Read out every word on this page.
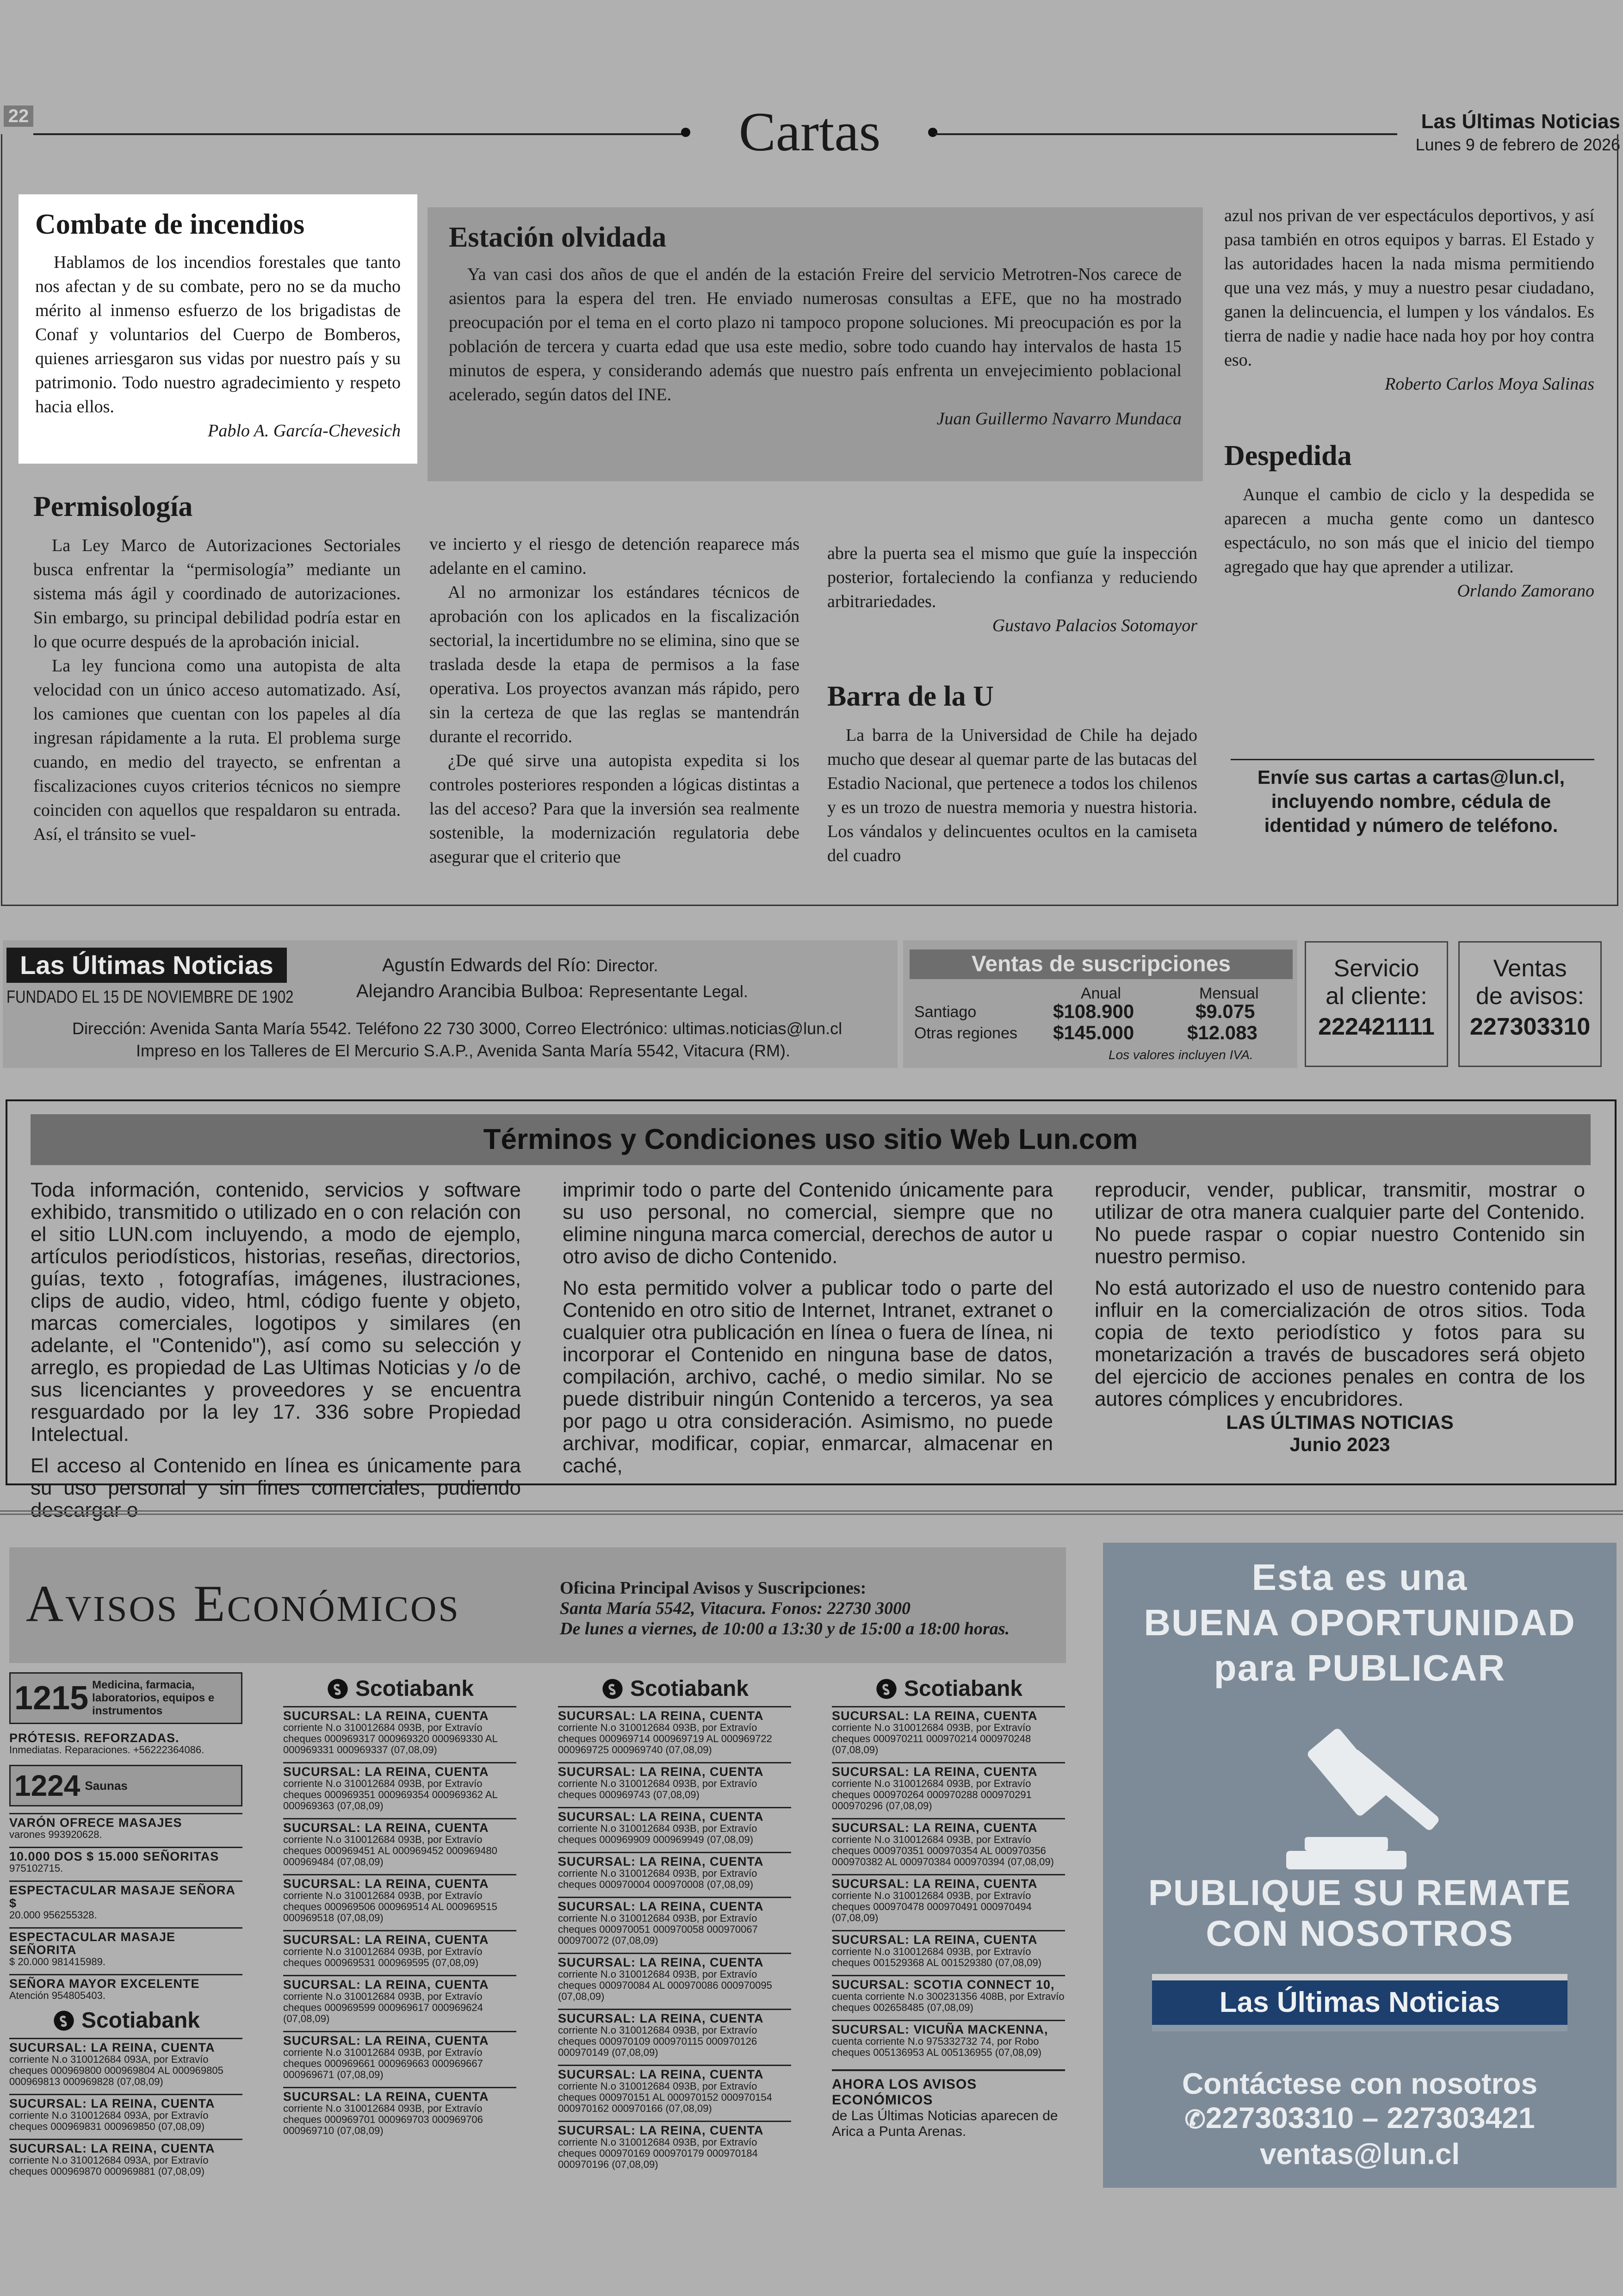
22	Cartas	Las Últimas Noticias
Lunes 9 de febrero de 2026
Combate de incendios

Hablamos de los incendios forestales que tanto nos afectan y de su combate, pero no se da mucho mérito al inmenso esfuerzo de los brigadistas de Conaf y voluntarios del Cuerpo de Bomberos, quienes arriesgaron sus vidas por nuestro país y su patrimonio. Todo nuestro agradecimiento y respeto hacia ellos.

Pablo A. García-Chevesich
Estación olvidada

Ya van casi dos años de que el andén de la estación Freire del servicio Metrotren-Nos carece de asientos para la espera del tren. He enviado numerosas consultas a EFE, que no ha mostrado preocupación por el tema en el corto plazo ni tampoco propone soluciones. Mi preocupación es por la población de tercera y cuarta edad que usa este medio, sobre todo cuando hay intervalos de hasta 15 minutos de espera, y considerando además que nuestro país enfrenta un envejecimiento poblacional acelerado, según datos del INE.

Juan Guillermo Navarro Mundaca

azul nos privan de ver espectáculos deportivos, y así pasa también en otros equipos y barras. El Estado y las autoridades hacen la nada misma permitiendo que una vez más, y muy a nuestro pesar ciudadano, ganen la delincuencia, el lumpen y los vándalos. Es tierra de nadie y nadie hace nada hoy por hoy contra eso.

Roberto Carlos Moya Salinas
Despedida

Aunque el cambio de ciclo y la despedida se aparecen a mucha gente como un dantesco espectáculo, no son más que el inicio del tiempo agregado que hay que aprender a utilizar.

Orlando Zamorano
Permisología

La Ley Marco de Autorizaciones Sectoriales busca enfrentar la “permisología” mediante un sistema más ágil y coordinado de autorizaciones. Sin embargo, su principal debilidad podría estar en lo que ocurre después de la aprobación inicial.

La ley funciona como una autopista de alta velocidad con un único acceso automatizado. Así, los camiones que cuentan con los papeles al día ingresan rápidamente a la ruta. El problema surge cuando, en medio del trayecto, se enfrentan a fiscalizaciones cuyos criterios técnicos no siempre coinciden con aquellos que respaldaron su entrada. Así, el tránsito se vuel-

ve incierto y el riesgo de detención reaparece más adelante en el camino.

Al no armonizar los estándares técnicos de aprobación con los aplicados en la fiscalización sectorial, la incertidumbre no se elimina, sino que se traslada desde la etapa de permisos a la fase operativa. Los proyectos avanzan más rápido, pero sin la certeza de que las reglas se mantendrán durante el recorrido.

¿De qué sirve una autopista expedita si los controles posteriores responden a lógicas distintas a las del acceso? Para que la inversión sea realmente sostenible, la modernización regulatoria debe asegurar que el criterio que

abre la puerta sea el mismo que guíe la inspección posterior, fortaleciendo la confianza y reduciendo arbitrariedades.

Gustavo Palacios Sotomayor
Barra de la U

La barra de la Universidad de Chile ha dejado mucho que desear al quemar parte de las butacas del Estadio Nacional, que pertenece a todos los chilenos y es un trozo de nuestra memoria y nuestra historia. Los vándalos y delincuentes ocultos en la camiseta del cuadro

Envíe sus cartas a cartas@lun.cl, incluyendo nombre, cédula de identidad y número de teléfono.
Las Últimas Noticias
FUNDADO EL 15 DE NOVIEMBRE DE 1902
Agustín Edwards del Río: Director.
Alejandro Arancibia Bulboa: Representante Legal.
Dirección: Avenida Santa María 5542. Teléfono 22 730 3000, Correo Electrónico: ultimas.noticias@lun.cl
Impreso en los Talleres de El Mercurio S.A.P., Avenida Santa María 5542, Vitacura (RM).
Ventas de suscripciones
Anual	Mensual
Santiago	$108.900	$9.075
Otras regiones $145.000	$12.083
Los valores incluyen IVA.
Servicio
al cliente:
222421111
Ventas
de avisos:
227303310
Términos y Condiciones uso sitio Web Lun.com

Toda información, contenido, servicios y software exhibido, transmitido o utilizado en o con relación con el sitio LUN.com incluyendo, a modo de ejemplo, artículos periodísticos, historias, reseñas, directorios, guías, texto , fotografías, imágenes, ilustraciones, clips de audio, video, html, código fuente y objeto, marcas comerciales, logotipos y similares (en adelante, el "Contenido"), así como su selección y arreglo, es propiedad de Las Ultimas Noticias y /o de sus licenciantes y proveedores y se encuentra resguardado por la ley 17. 336 sobre Propiedad Intelectual.

El acceso al Contenido en línea es únicamente para su uso personal y sin fines comerciales, pudiendo descargar o

imprimir todo o parte del Contenido únicamente para su uso personal, no comercial, siempre que no elimine ninguna marca comercial, derechos de autor u otro aviso de dicho Contenido.

No esta permitido volver a publicar todo o parte del Contenido en otro sitio de Internet, Intranet, extranet o cualquier otra publicación en línea o fuera de línea, ni incorporar el Contenido en ninguna base de datos, compilación, archivo, caché, o medio similar. No se puede distribuir ningún Contenido a terceros, ya sea por pago u otra consideración. Asimismo, no puede archivar, modificar, copiar, enmarcar, almacenar en caché,

reproducir, vender, publicar, transmitir, mostrar o utilizar de otra manera cualquier parte del Contenido. No puede raspar o copiar nuestro Contenido sin nuestro permiso.

No está autorizado el uso de nuestro contenido para influir en la comercialización de otros sitios. Toda copia de texto periodístico y fotos para su monetarización a través de buscadores será objeto del ejercicio de acciones penales en contra de los autores cómplices y encubridores.

LAS ÚLTIMAS NOTICIAS
Junio 2023
Avisos Económicos	Oficina Principal Avisos y Suscripciones:
Santa María 5542, Vitacura. Fonos: 22730 3000
De lunes a viernes, de 10:00 a 13:30 y de 15:00 a 18:00 horas.
1215 Medicina, farmacia, laboratorios, equipos e instrumentos
PRÓTESIS. REFORZADAS.
Inmediatas. Reparaciones. +56222364086.
1224 Saunas
VARÓN OFRECE MASAJES
varones 993920628.
10.000 DOS $ 15.000 SEÑORITAS
975102715.
ESPECTACULAR MASAJE SEÑORA $
20.000 956255328.
ESPECTACULAR MASAJE SEÑORITA
$ 20.000 981415989.
SEÑORA MAYOR EXCELENTE
Atención 954805403.
Scotiabank
SUCURSAL: LA REINA, CUENTA
corriente N.o 310012684 093A, por Extravío cheques 000969800 000969804 AL 000969805 000969813 000969828 (07,08,09)
SUCURSAL: LA REINA, CUENTA
corriente N.o 310012684 093A, por Extravío cheques 000969831 000969850 (07,08,09)
SUCURSAL: LA REINA, CUENTA
corriente N.o 310012684 093A, por Extravío cheques 000969870 000969881 (07,08,09)
Scotiabank
SUCURSAL: LA REINA, CUENTA
corriente N.o 310012684 093B, por Extravío cheques 000969317 000969320 000969330 AL 000969331 000969337 (07,08,09)
SUCURSAL: LA REINA, CUENTA
corriente N.o 310012684 093B, por Extravío cheques 000969351 000969354 000969362 AL 000969363 (07,08,09)
SUCURSAL: LA REINA, CUENTA
corriente N.o 310012684 093B, por Extravío cheques 000969451 AL 000969452 000969480 000969484 (07,08,09)
SUCURSAL: LA REINA, CUENTA
corriente N.o 310012684 093B, por Extravío cheques 000969506 000969514 AL 000969515 000969518 (07,08,09)
SUCURSAL: LA REINA, CUENTA
corriente N.o 310012684 093B, por Extravío cheques 000969531 000969595 (07,08,09)
SUCURSAL: LA REINA, CUENTA
corriente N.o 310012684 093B, por Extravío cheques 000969599 000969617 000969624 (07,08,09)
SUCURSAL: LA REINA, CUENTA
corriente N.o 310012684 093B, por Extravío cheques 000969661 000969663 000969667 000969671 (07,08,09)
SUCURSAL: LA REINA, CUENTA
corriente N.o 310012684 093B, por Extravío cheques 000969701 000969703 000969706 000969710 (07,08,09)
Scotiabank
SUCURSAL: LA REINA, CUENTA
corriente N.o 310012684 093B, por Extravío cheques 000969714 000969719 AL 000969722 000969725 000969740 (07,08,09)
SUCURSAL: LA REINA, CUENTA
corriente N.o 310012684 093B, por Extravío cheques 000969743 (07,08,09)
SUCURSAL: LA REINA, CUENTA
corriente N.o 310012684 093B, por Extravío cheques 000969909 000969949 (07,08,09)
SUCURSAL: LA REINA, CUENTA
corriente N.o 310012684 093B, por Extravío cheques 000970004 000970008 (07,08,09)
SUCURSAL: LA REINA, CUENTA
corriente N.o 310012684 093B, por Extravío cheques 000970051 000970058 000970067 000970072 (07,08,09)
SUCURSAL: LA REINA, CUENTA
corriente N.o 310012684 093B, por Extravío cheques 000970084 AL 000970086 000970095 (07,08,09)
SUCURSAL: LA REINA, CUENTA
corriente N.o 310012684 093B, por Extravío cheques 000970109 000970115 000970126 000970149 (07,08,09)
SUCURSAL: LA REINA, CUENTA
corriente N.o 310012684 093B, por Extravío cheques 000970151 AL 000970152 000970154 000970162 000970166 (07,08,09)
SUCURSAL: LA REINA, CUENTA
corriente N.o 310012684 093B, por Extravío cheques 000970169 000970179 000970184 000970196 (07,08,09)
Scotiabank
SUCURSAL: LA REINA, CUENTA
corriente N.o 310012684 093B, por Extravío cheques 000970211 000970214 000970248 (07,08,09)
SUCURSAL: LA REINA, CUENTA
corriente N.o 310012684 093B, por Extravío cheques 000970264 000970288 000970291 000970296 (07,08,09)
SUCURSAL: LA REINA, CUENTA
corriente N.o 310012684 093B, por Extravío cheques 000970351 000970354 AL 000970356 000970382 AL 000970384 000970394 (07,08,09)
SUCURSAL: LA REINA, CUENTA
corriente N.o 310012684 093B, por Extravío cheques 000970478 000970491 000970494 (07,08,09)
SUCURSAL: LA REINA, CUENTA
corriente N.o 310012684 093B, por Extravío cheques 001529368 AL 001529380 (07,08,09)
SUCURSAL: SCOTIA CONNECT 10,
cuenta corriente N.o 300231356 408B, por Extravío cheques 002658485 (07,08,09)
SUCURSAL: VICUÑA MACKENNA,
cuenta corriente N.o 975332732 74, por Robo cheques 005136953 AL 005136955 (07,08,09)
AHORA LOS AVISOS ECONÓMICOS
de Las Últimas Noticias aparecen de Arica a Punta Arenas.
Esta es una
BUENA OPORTUNIDAD
para PUBLICAR
PUBLIQUE SU REMATE
CON NOSOTROS
Las Últimas Noticias
Contáctese con nosotros
✆227303310 – 227303421
ventas@lun.cl
